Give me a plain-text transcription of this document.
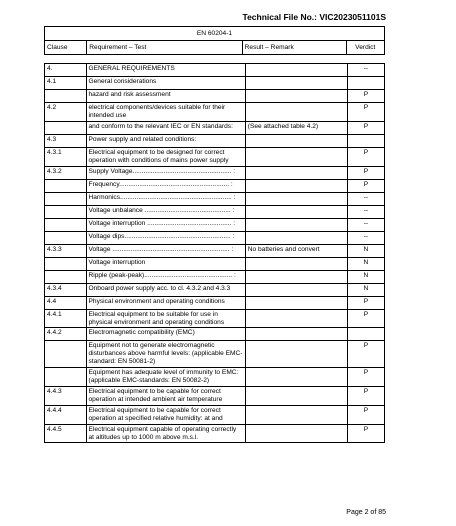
Technical File No.: VIC2023051101S
EN 60204-1
Clause	Requirement – Test	Result – Remark	Verdict
4.	GENERAL REQUIREMENTS		--
4.1	General considerations		
	hazard and risk assessment		P
4.2	electrical components/devices suitable for their intended use		P
	and conform to the relevant IEC or EN standards:	(See attached table 4.2)	P
4.3	Power supply and related conditions:		
4.3.1	Electrical equipment to be designed for correct operation with conditions of mains power supply		P
4.3.2	Supply Voltage...................................................... :		P
	Frequency............................................................ :		P
	Harmonics............................................................. :		--
	Voltage unbalance ............................................... :		--
	Voltage interruption .............................................. :		--
	Voltage dips.......................................................... :		--
4.3.3	Voltage ................................................................ :	No batteries and convert	N
	Voltage interruption		N
	Ripple (peak-peak)................................................ :		N
4.3.4	Onboard power supply acc. to cl. 4.3.2 and 4.3.3		N
4.4	Physical environment and operating conditions		P
4.4.1	Electrical equipment to be suitable for use in physical environment and operating conditions		P
4.4.2	Electromagnetic compatibility (EMC)		
	Equipment not to generate electromagnetic disturbances above harmful levels: (applicable EMC-standard: EN 50081-2)		P
	Equipment has adequate level of immunity to EMC: (applicable EMC-standards: EN 50082-2)		P
4.4.3	Electrical equipment to be capable for correct operation at intended ambient air temperature		P
4.4.4	Electrical equipment to be capable for correct operation at specified relative humidity: at and		P
4.4.5	Electrical equipment capable of operating correctly at altitudes up to 1000 m above m.s.l.		P
Page 2 of 85
